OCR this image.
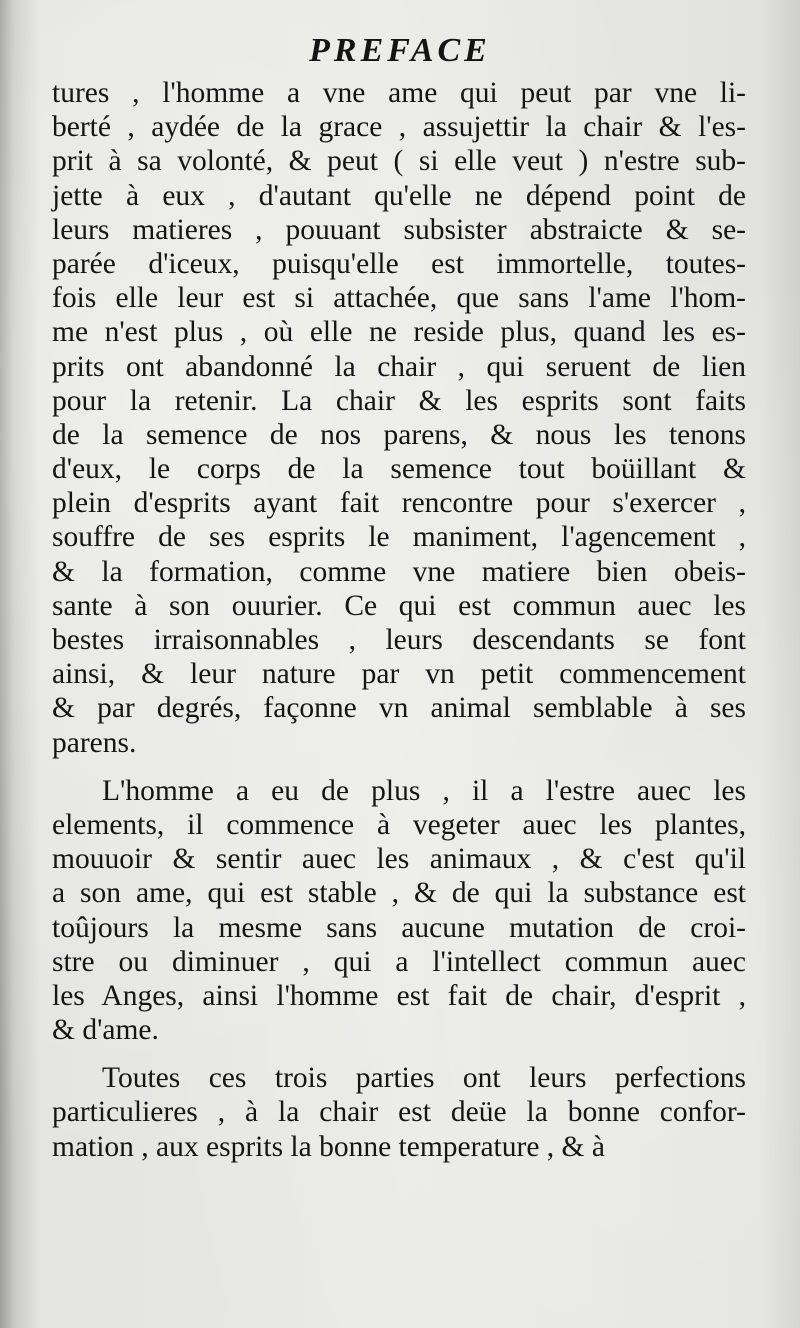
PREFACE
tures , l'homme a vne ame qui peut par vne li-
berté , aydée de la grace , assujettir la chair & l'es-
prit à sa volonté, & peut ( si elle veut ) n'estre sub-
jette à eux , d'autant qu'elle ne dépend point de
leurs matieres , pouuant subsister abstraicte & se-
parée d'iceux, puisqu'elle est immortelle, toutes-
fois elle leur est si attachée, que sans l'ame l'hom-
me n'est plus , où elle ne reside plus, quand les es-
prits ont abandonné la chair , qui seruent de lien
pour la retenir. La chair & les esprits sont faits
de la semence de nos parens, & nous les tenons
d'eux, le corps de la semence tout boüillant &
plein d'esprits ayant fait rencontre pour s'exercer ,
souffre de ses esprits le maniment, l'agencement ,
& la formation, comme vne matiere bien obeis-
sante à son ouurier. Ce qui est commun auec les
bestes irraisonnables , leurs descendants se font
ainsi, & leur nature par vn petit commencement
& par degrés, façonne vn animal semblable à ses
parens.
L'homme a eu de plus , il a l'estre auec les
elements, il commence à vegeter auec les plantes,
mouuoir & sentir auec les animaux , & c'est qu'il
a son ame, qui est stable , & de qui la substance est
toûjours la mesme sans aucune mutation de croi-
stre ou diminuer , qui a l'intellect commun auec
les Anges, ainsi l'homme est fait de chair, d'esprit ,
& d'ame.
Toutes ces trois parties ont leurs perfections
particulieres , à la chair est deüe la bonne confor-
mation , aux esprits la bonne temperature , & à
